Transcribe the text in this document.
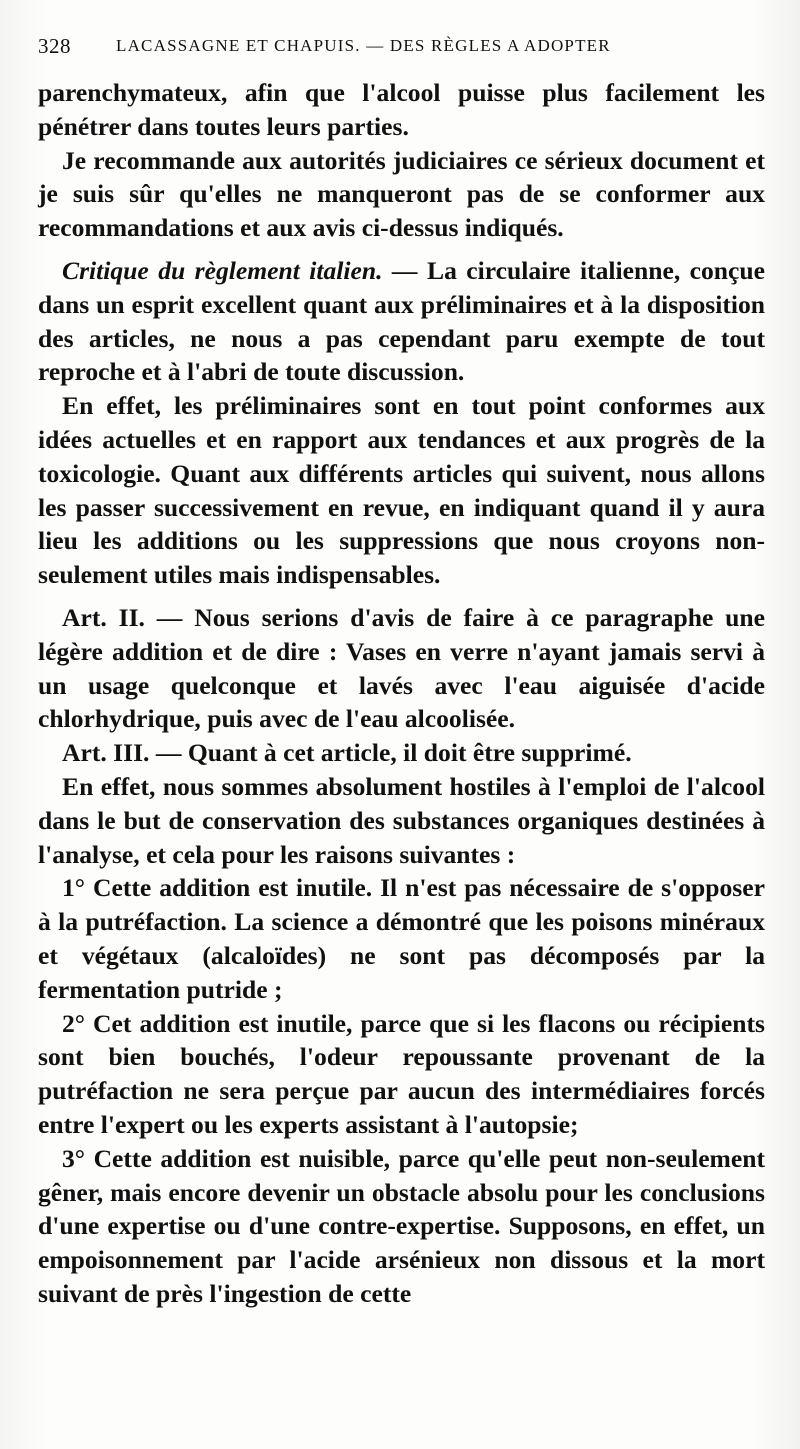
328	LACASSAGNE ET CHAPUIS. — DES RÈGLES A ADOPTER

parenchymateux, afin que l'alcool puisse plus facilement les pénétrer dans toutes leurs parties.

Je recommande aux autorités judiciaires ce sérieux document et je suis sûr qu'elles ne manqueront pas de se conformer aux recommandations et aux avis ci-dessus indiqués.

Critique du règlement italien. — La circulaire italienne, conçue dans un esprit excellent quant aux préliminaires et à la disposition des articles, ne nous a pas cependant paru exempte de tout reproche et à l'abri de toute discussion.

En effet, les préliminaires sont en tout point conformes aux idées actuelles et en rapport aux tendances et aux progrès de la toxicologie. Quant aux différents articles qui suivent, nous allons les passer successivement en revue, en indiquant quand il y aura lieu les additions ou les suppressions que nous croyons non-seulement utiles mais indispensables.

Art. II. — Nous serions d'avis de faire à ce paragraphe une légère addition et de dire : Vases en verre n'ayant jamais servi à un usage quelconque et lavés avec l'eau aiguisée d'acide chlorhydrique, puis avec de l'eau alcoolisée.

Art. III. — Quant à cet article, il doit être supprimé.

En effet, nous sommes absolument hostiles à l'emploi de l'alcool dans le but de conservation des substances organiques destinées à l'analyse, et cela pour les raisons suivantes :

1° Cette addition est inutile. Il n'est pas nécessaire de s'opposer à la putréfaction. La science a démontré que les poisons minéraux et végétaux (alcaloïdes) ne sont pas décomposés par la fermentation putride ;

2° Cet addition est inutile, parce que si les flacons ou récipients sont bien bouchés, l'odeur repoussante provenant de la putréfaction ne sera perçue par aucun des intermédiaires forcés entre l'expert ou les experts assistant à l'autopsie;

3° Cette addition est nuisible, parce qu'elle peut non-seulement gêner, mais encore devenir un obstacle absolu pour les conclusions d'une expertise ou d'une contre-expertise. Supposons, en effet, un empoisonnement par l'acide arsénieux non dissous et la mort suivant de près l'ingestion de cette
